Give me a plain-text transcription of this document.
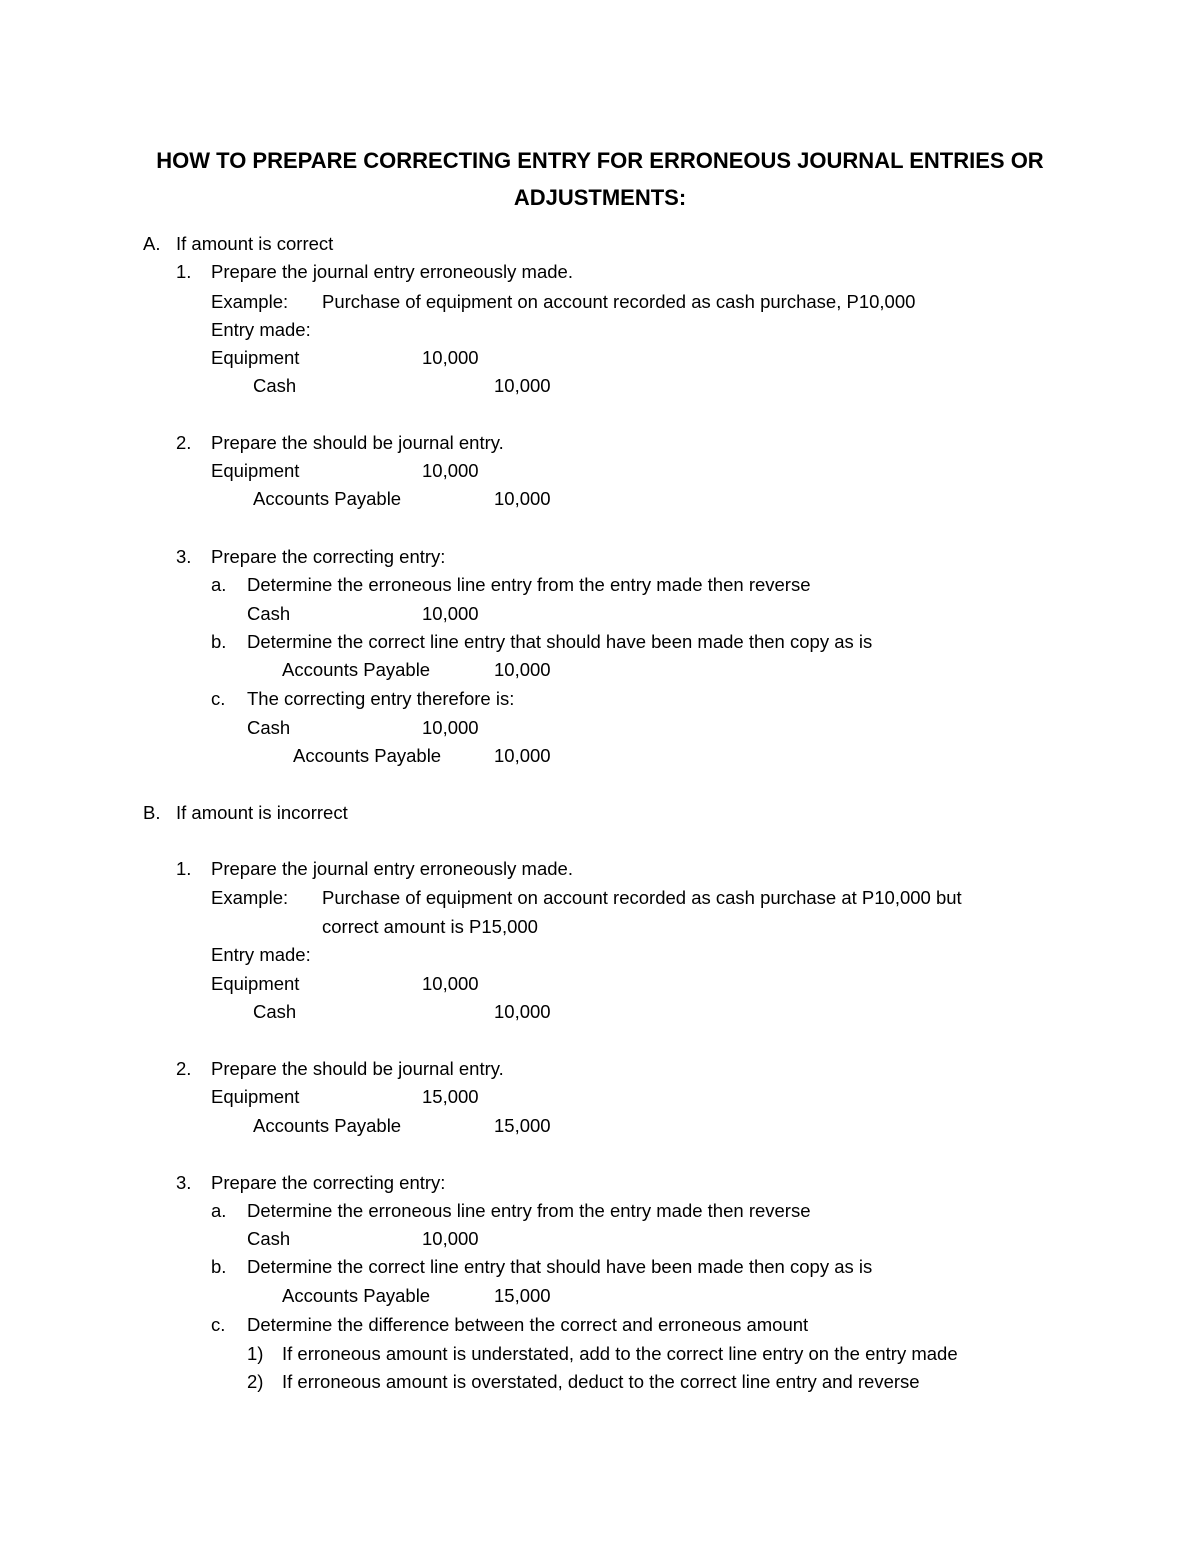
HOW TO PREPARE CORRECTING ENTRY FOR ERRONEOUS JOURNAL ENTRIES OR
ADJUSTMENTS:
A. If amount is correct
1. Prepare the journal entry erroneously made.
Example: Purchase of equipment on account recorded as cash purchase, P10,000
Entry made:
Equipment	10,000
Cash	10,000
2. Prepare the should be journal entry.
Equipment	10,000
Accounts Payable	10,000
3. Prepare the correcting entry:
a. Determine the erroneous line entry from the entry made then reverse
Cash	10,000
b. Determine the correct line entry that should have been made then copy as is
Accounts Payable	10,000
c. The correcting entry therefore is:
Cash	10,000
Accounts Payable	10,000
B. If amount is incorrect
1. Prepare the journal entry erroneously made.
Example: Purchase of equipment on account recorded as cash purchase at P10,000 but
correct amount is P15,000
Entry made:
Equipment	10,000
Cash	10,000
2. Prepare the should be journal entry.
Equipment	15,000
Accounts Payable	15,000
3. Prepare the correcting entry:
a. Determine the erroneous line entry from the entry made then reverse
Cash	10,000
b. Determine the correct line entry that should have been made then copy as is
Accounts Payable	15,000
c. Determine the difference between the correct and erroneous amount
1) If erroneous amount is understated, add to the correct line entry on the entry made
2) If erroneous amount is overstated, deduct to the correct line entry and reverse
